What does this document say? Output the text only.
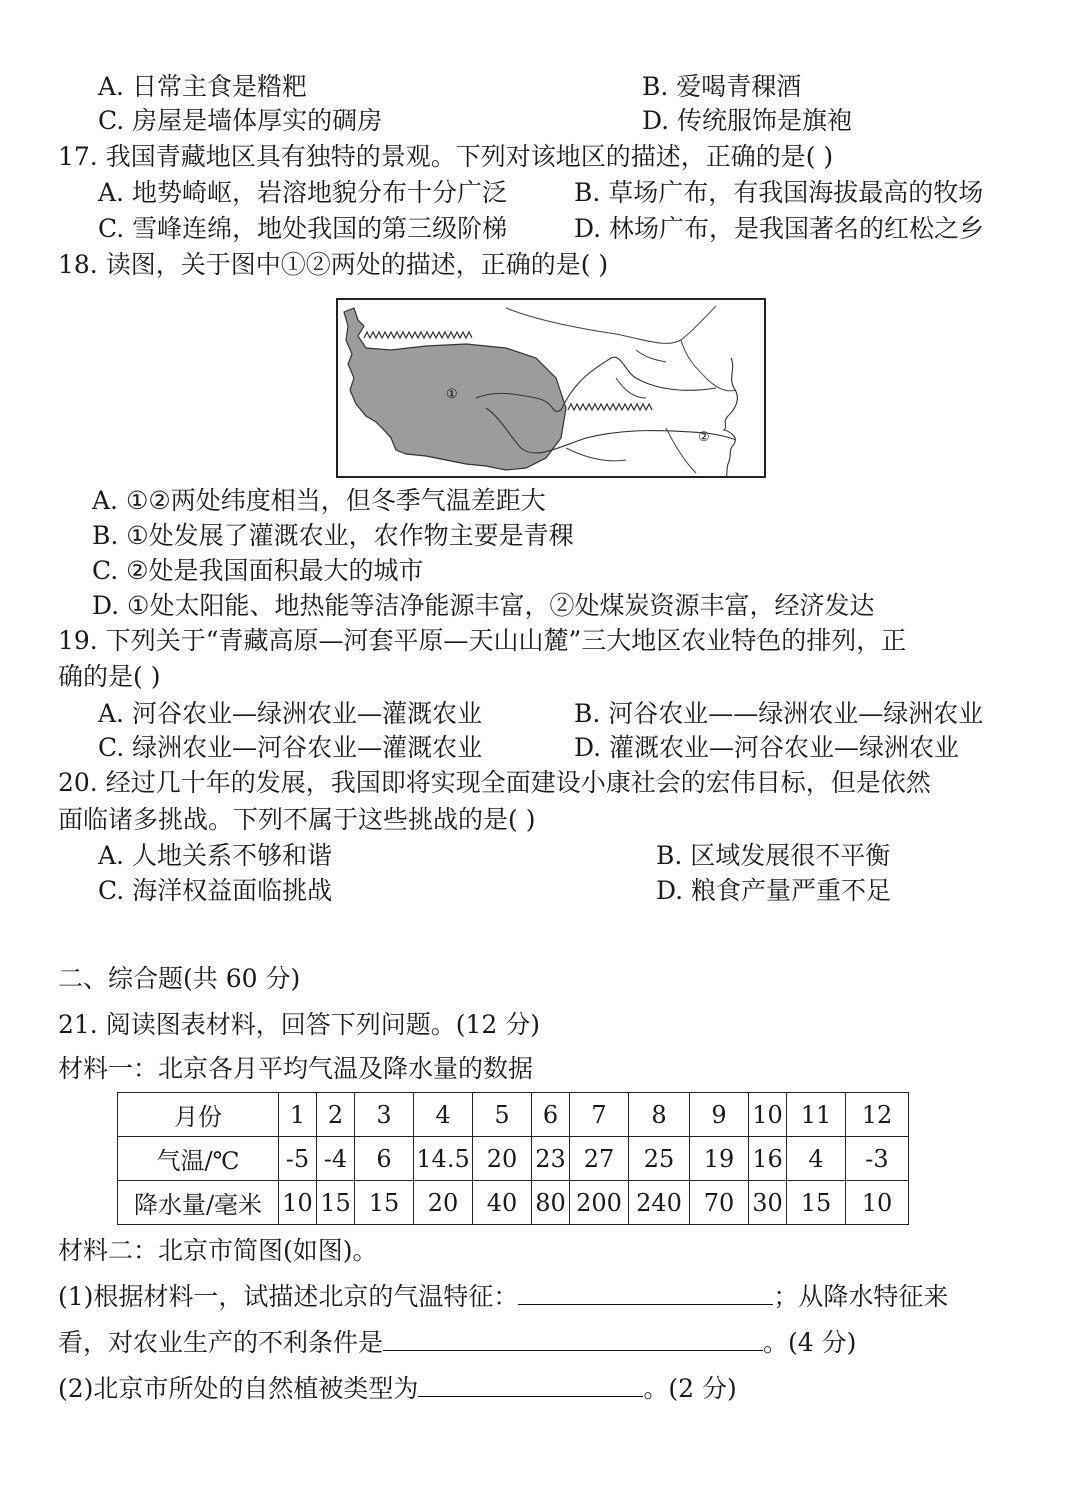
A. 日常主食是糌粑	B. 爱喝青稞酒
C. 房屋是墙体厚实的碉房	D. 传统服饰是旗袍
17. 我国青藏地区具有独特的景观。下列对该地区的描述，正确的是( )
A. 地势崎岖，岩溶地貌分布十分广泛	B. 草场广布，有我国海拔最高的牧场
C. 雪峰连绵，地处我国的第三级阶梯	D. 林场广布，是我国著名的红松之乡
18. 读图，关于图中①②两处的描述，正确的是( )
①
②
A. ①②两处纬度相当，但冬季气温差距大
B. ①处发展了灌溉农业，农作物主要是青稞
C. ②处是我国面积最大的城市
D. ①处太阳能、地热能等洁净能源丰富，②处煤炭资源丰富，经济发达
19. 下列关于“青藏高原—河套平原—天山山麓”三大地区农业特色的排列，正
确的是( )
A. 河谷农业—绿洲农业—灌溉农业	B. 河谷农业——绿洲农业—绿洲农业
C. 绿洲农业—河谷农业—灌溉农业	D. 灌溉农业—河谷农业—绿洲农业
20. 经过几十年的发展，我国即将实现全面建设小康社会的宏伟目标，但是依然
面临诸多挑战。下列不属于这些挑战的是( )
A. 人地关系不够和谐	B. 区域发展很不平衡
C. 海洋权益面临挑战	D. 粮食产量严重不足
二、综合题(共 60 分)
21. 阅读图表材料，回答下列问题。(12 分)
材料一：北京各月平均气温及降水量的数据
月份	1	2	3	4	5	6	7	8	9	10	11	12
气温/℃	-5	-4	6	14.5	20	23	27	25	19	16	4	-3
降水量/毫米	10	15	15	20	40	80	200	240	70	30	15	10
材料二：北京市简图(如图)。
(1)根据材料一，试描述北京的气温特征：	；从降水特征来
看，对农业生产的不利条件是	。(4 分)
(2)北京市所处的自然植被类型为	。(2 分)
